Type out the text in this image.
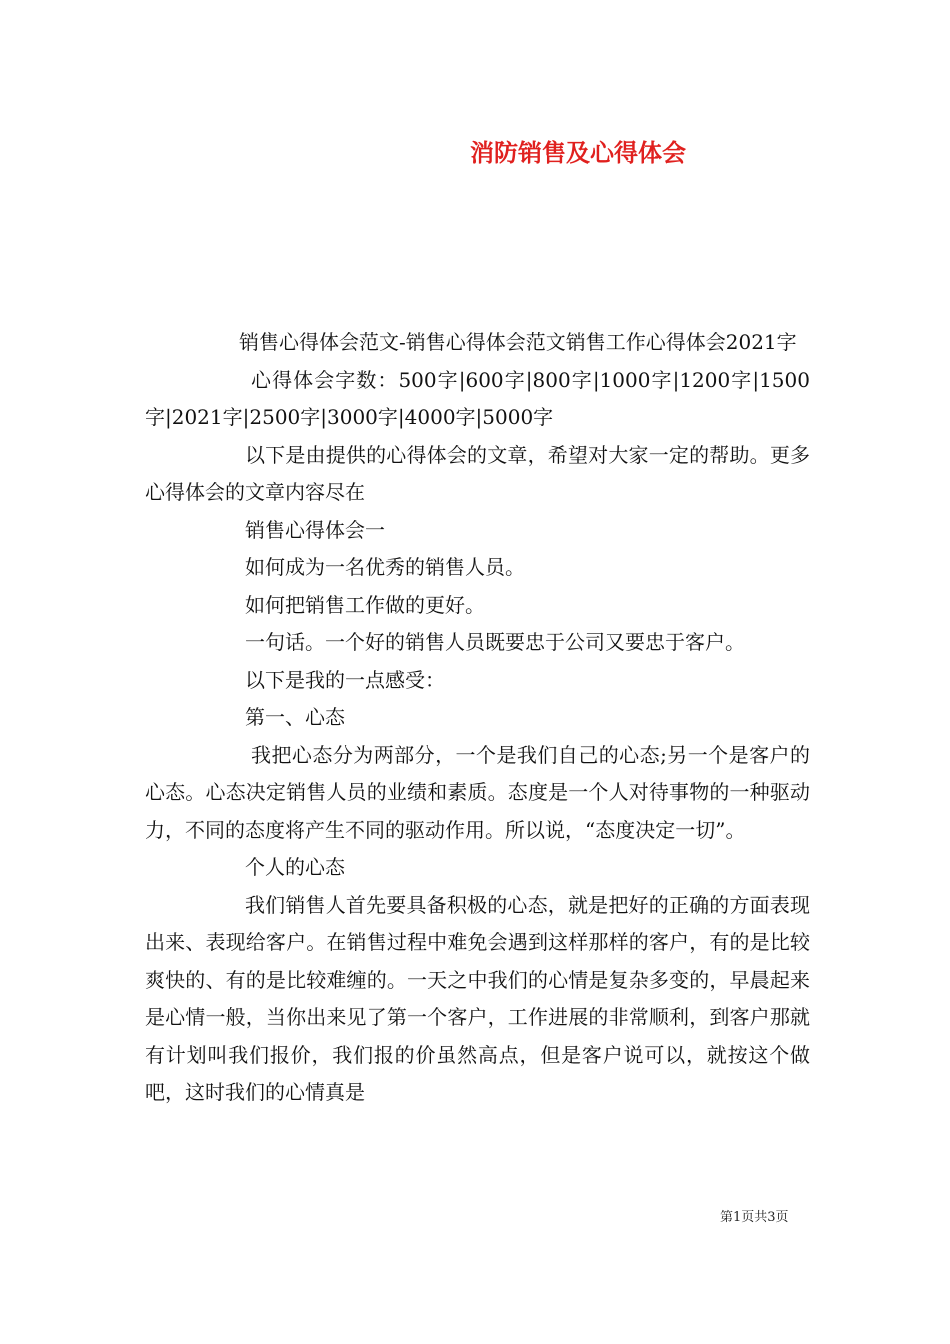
消防销售及心得体会

销售心得体会范文-销售心得体会范文销售工作心得体会2021字

心得体会字数：500字|600字|800字|1000字|1200字|1500字|2021字|2500字|3000字|4000字|5000字

以下是由提供的心得体会的文章，希望对大家一定的帮助。更多心得体会的文章内容尽在

销售心得体会一

如何成为一名优秀的销售人员。

如何把销售工作做的更好。

一句话。一个好的销售人员既要忠于公司又要忠于客户。

以下是我的一点感受：

第一、心态

我把心态分为两部分，一个是我们自己的心态;另一个是客户的心态。心态决定销售人员的业绩和素质。态度是一个人对待事物的一种驱动力，不同的态度将产生不同的驱动作用。所以说，“态度决定一切”。

个人的心态

我们销售人首先要具备积极的心态，就是把好的正确的方面表现出来、表现给客户。在销售过程中难免会遇到这样那样的客户，有的是比较爽快的、有的是比较难缠的。一天之中我们的心情是复杂多变的，早晨起来是心情一般，当你出来见了第一个客户，工作进展的非常顺利，到客户那就有计划叫我们报价，我们报的价虽然高点，但是客户说可以，就按这个做吧，这时我们的心情真是

第1页共3页
